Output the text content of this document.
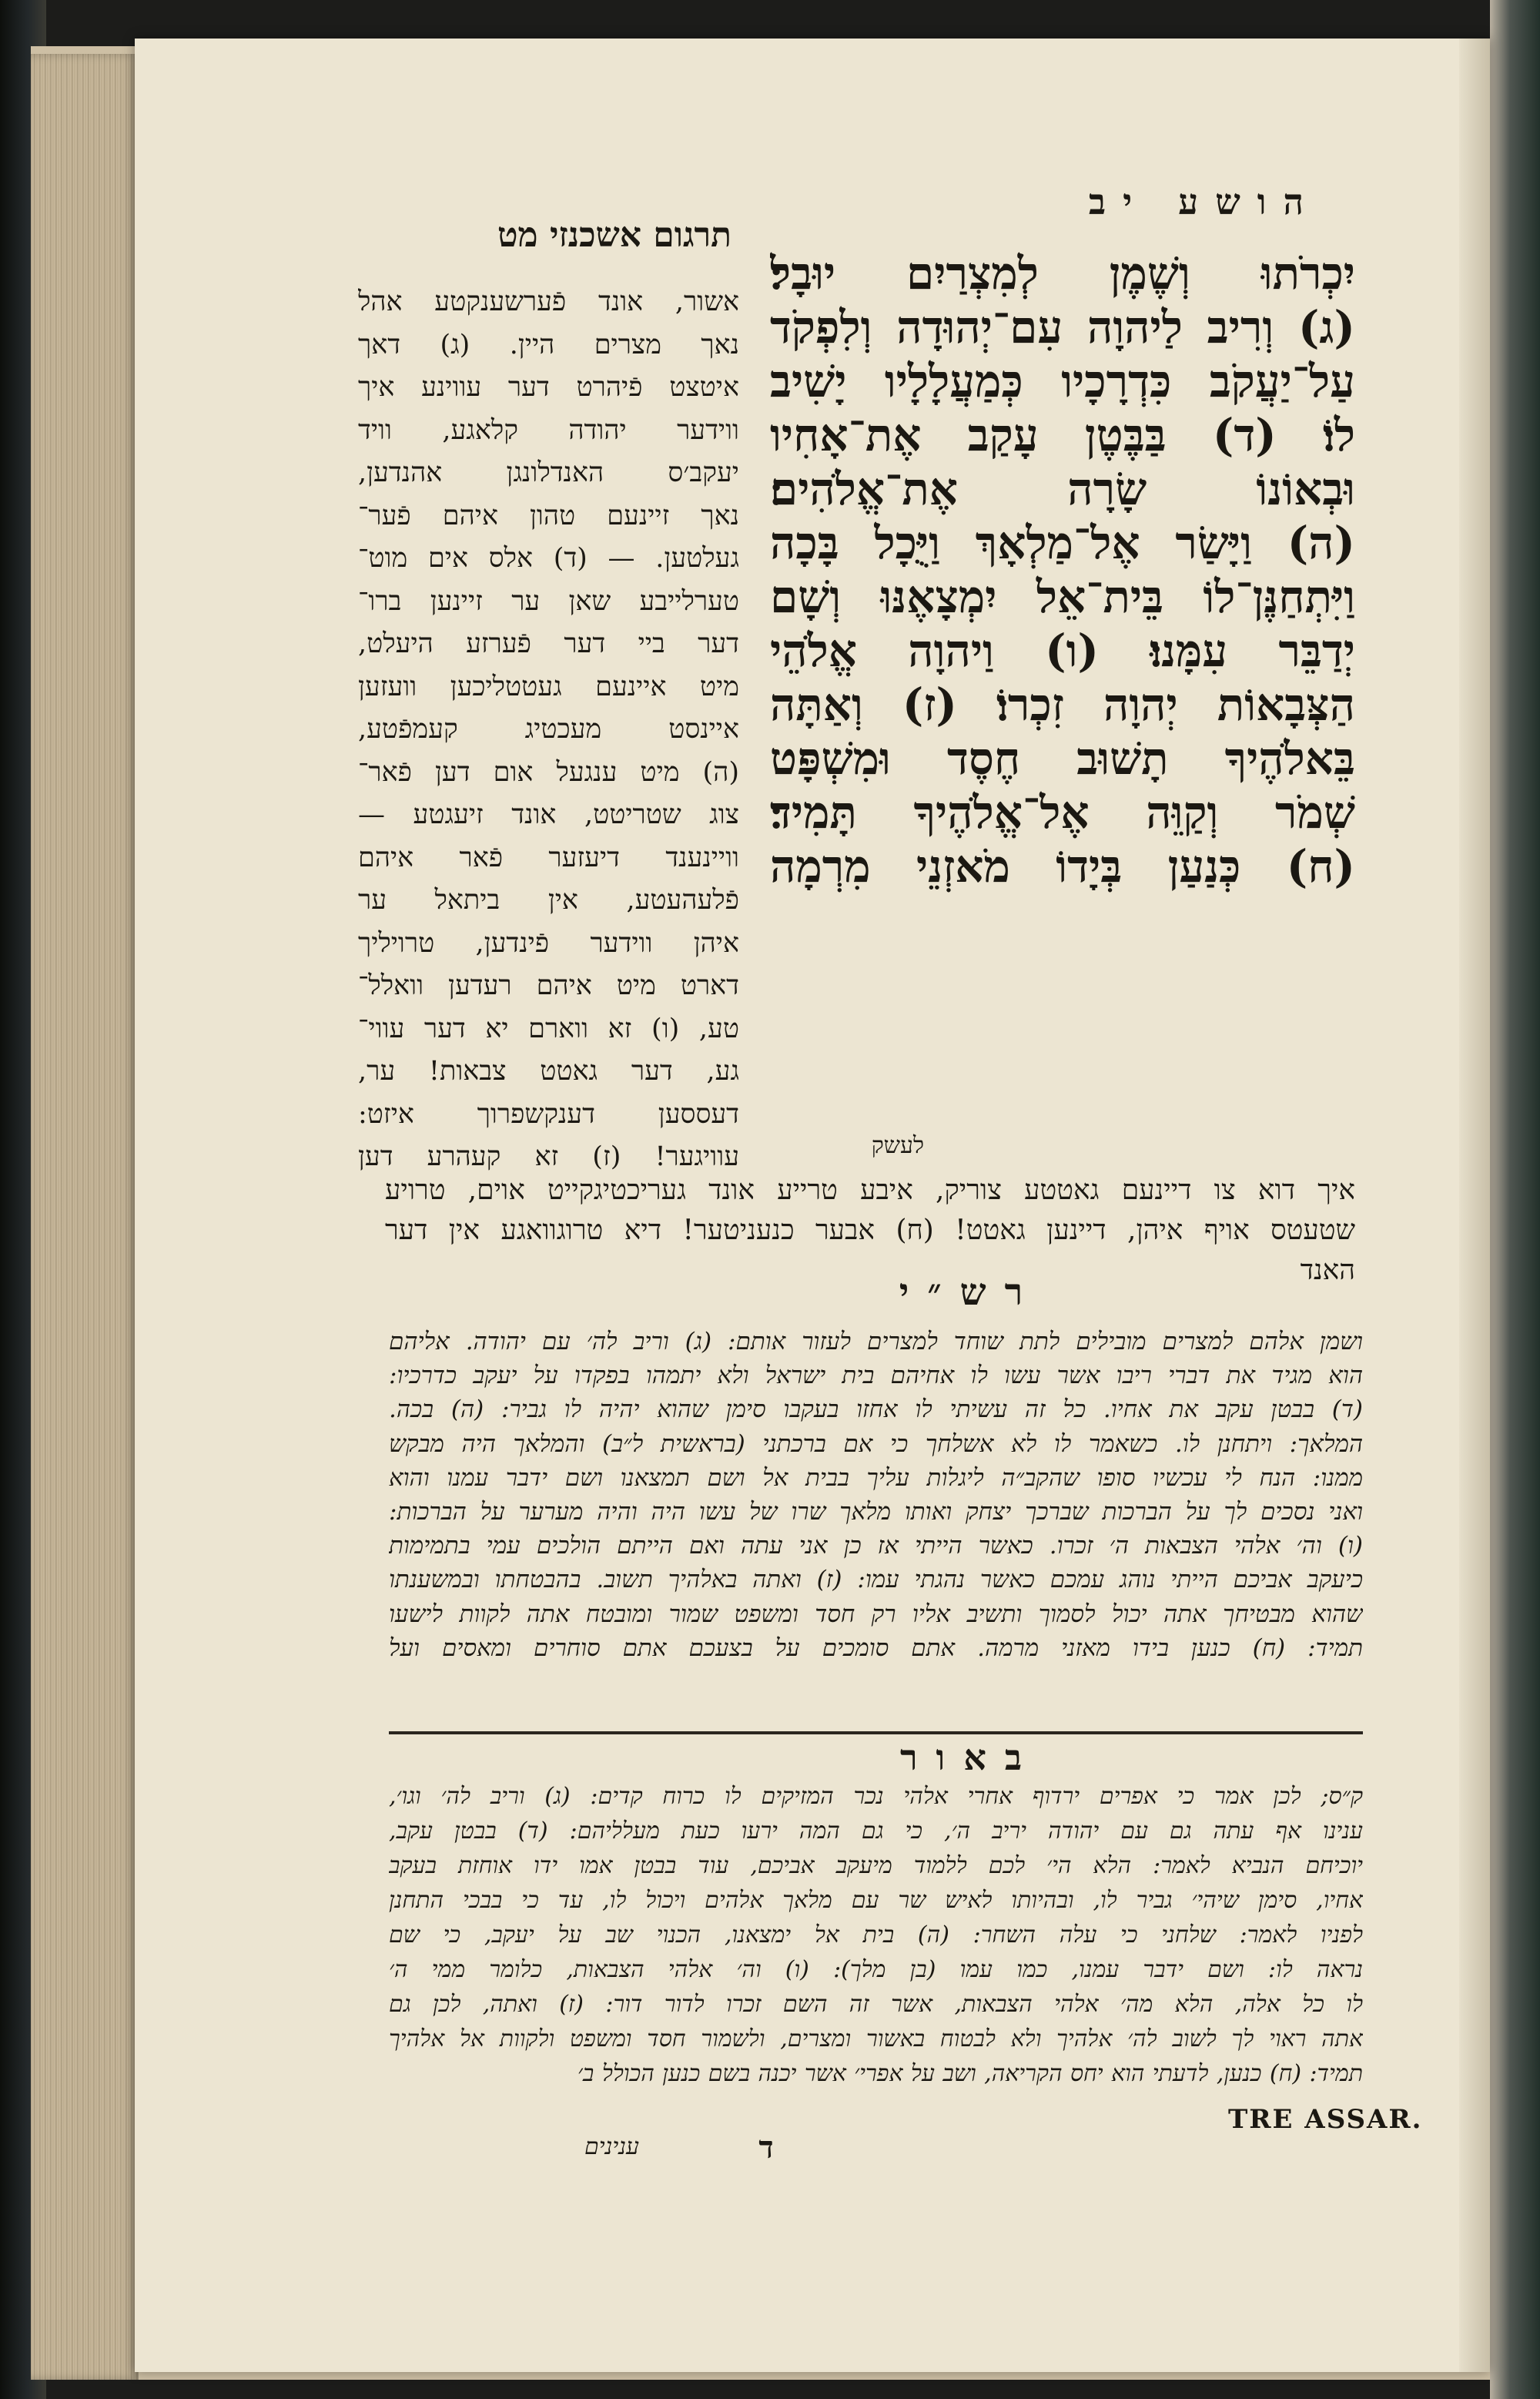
הושע יב
תרגום אשכנזי מט
יִכְרֹתוּ וְשֶׁמֶן לְמִצְרַיִם יוּבָל׃
(ג) וְרִיב לַיהוָה עִם־יְהוּדָה וְלִפְקֹד
עַל־יַעֲקֹב כִּדְרָכָיו כְּמַעֲלָלָיו יָשִׁיב
לוֹ׃ (ד) בַּבֶּטֶן עָקַב אֶת־אָחִיו
וּבְאוֹנוֹ שָׂרָה אֶת־אֱלֹהִים׃
(ה) וַיָּשַׂר אֶל־מַלְאָךְ וַיֻּכָל בָּכָה
וַיִּתְחַנֶּן־לוֹ בֵּית־אֵל יִמְצָאֶנּוּ וְשָׁם
יְדַבֵּר עִמָּנוּ׃ (ו) וַיהוָה אֱלֹהֵי
הַצְּבָאוֹת יְהוָה זִכְרוֹ׃ (ז) וְאַתָּה
בֵּאלֹהֶיךָ תָשׁוּב חֶסֶד וּמִשְׁפָּט
שְׁמֹר וְקַוֵּה אֶל־אֱלֹהֶיךָ תָּמִיד׃
(ח) כְּנַעַן בְּיָדוֹ מֹאזְנֵי מִרְמָה
לעשק
אשור, אונד פֿערשענקטע אהל
נאך מצרים היין. (ג) דאך
איטצט פֿיהרט דער עווינע איך
ווידער יהודה קלאגע, וויד
יעקב׳ס האנדלונגן אהנדען,
נאך זיינעם טהון איהם פֿער־
געלטען. — (ד) אלס אים מוט־
טערלייבע שאן ער זיינען ברו־
דער ביי דער פֿערזע היעלט,
מיט איינעם געטטליכען וועזען
איינסט מעכטיג קעמפֿטע,
(ה) מיט ענגעל אום דען פֿאר־
צוג שטריטט, אונד זיעגטע —
וויינענד דיעזער פֿאר איהם
פֿלעהעטע, אין ביתאל ער
איהן ווידער פֿינדען, טרויליך
דארט מיט איהם רעדען וואלל־
טע, (ו) זא ווארם יא דער עווי־
גע, דער גאטט צבאות! ער,
דעססען דענקשפרוך איזט:
עוויגער! (ז) זא קעהרע דען
איך דוא צו דיינעם גאטטע צוריק, איבע טרייע אונד געריכטיגקייט אוים, טרויע
שטעטס אויף איהן, דיינען גאטט! (ח) אבער כנעניטער! דיא טרוגוואגע אין דער
האנד
רש״י
ושמן אלהם למצרים מובילים לתת שוחד למצרים לעזור אותם: (ג) וריב לה׳ עם יהודה. אליהם
הוא מגיד את דברי ריבו אשר עשו לו אחיהם בית ישראל ולא יתמהו בפקדו על יעקב כדרכיו:
(ד) בבטן עקב את אחיו. כל זה עשיתי לו אחזו בעקבו סימן שהוא יהיה לו גביר: (ה) בכה.
המלאך: ויתחנן לו. כשאמר לו לא אשלחך כי אם ברכתני (בראשית ל״ב) והמלאך היה מבקש
ממנו: הנח לי עכשיו סופו שהקב״ה ליגלות עליך בבית אל ושם תמצאנו ושם ידבר עמנו והוא
ואני נסכים לך על הברכות שברכך יצחק ואותו מלאך שרו של עשו היה והיה מערער על הברכות:
(ו) וה׳ אלהי הצבאות ה׳ זכרו. כאשר הייתי אז כן אני עתה ואם הייתם הולכים עמי בתמימות
כיעקב אביכם הייתי נוהג עמכם כאשר נהגתי עמו: (ז) ואתה באלהיך תשוב. בהבטחתו ובמשענתו
שהוא מבטיחך אתה יכול לסמוך ותשיב אליו רק חסד ומשפט שמור ומובטח אתה לקוות לישעו
תמיד: (ח) כנען בידו מאזני מרמה. אתם סומכים על בצעכם אתם סוחרים ומאסים ועל
באור
ק״ס; לכן אמר כי אפרים ירדוף אחרי אלהי נכר המזיקים לו כרוח קדים: (ג) וריב לה׳ וגו׳,
ענינו אף עתה גם עם יהודה יריב ה׳, כי גם המה ירעו כעת מעלליהם: (ד) בבטן עקב,
יוכיחם הנביא לאמר: הלא הי׳ לכם ללמוד מיעקב אביכם, עוד בבטן אמו ידו אוחזת בעקב
אחיו, סימן שיהי׳ גביר לו, ובהיותו לאיש שר עם מלאך אלהים ויכול לו, עד כי בבכי התחנן
לפניו לאמר: שלחני כי עלה השחר: (ה) בית אל ימצאנו, הכנוי שב על יעקב, כי שם
נראה לו: ושם ידבר עמנו, כמו עמו (בן מלך): (ו) וה׳ אלהי הצבאות, כלומר ממי ה׳
לו כל אלה, הלא מה׳ אלהי הצבאות, אשר זה השם זכרו לדור דור: (ז) ואתה, לכן גם
אתה ראוי לך לשוב לה׳ אלהיך ולא לבטוח באשור ומצרים, ולשמור חסד ומשפט ולקוות אל אלהיך
תמיד: (ח) כנען, לדעתי הוא יחס הקריאה, ושב על אפרי׳ אשר יכנה בשם כנען הכולל ב׳
TRE ASSAR.
ד
ענינים
